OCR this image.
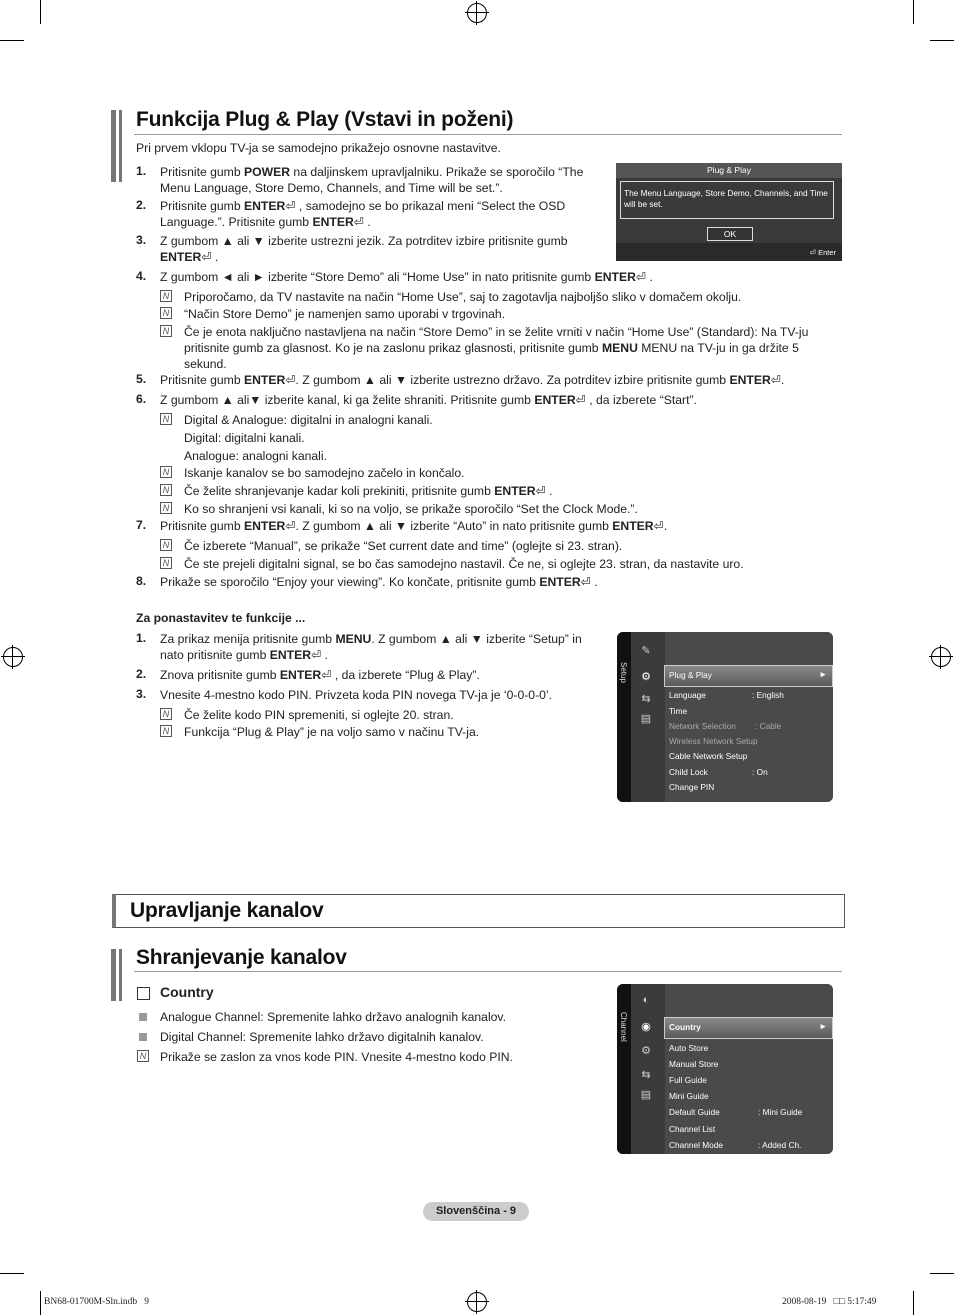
Funkcija Plug & Play (Vstavi in poženi)
Pri prvem vklopu TV-ja se samodejno prikažejo osnovne nastavitve.
1. Pritisnite gumb POWER na daljinskem upravljalniku. Prikaže se sporočilo “The
Menu Language, Store Demo, Channels, and Time will be set.”.
2. Pritisnite gumb ENTER⏎ , samodejno se bo prikazal meni “Select the OSD
Language.”. Pritisnite gumb ENTER⏎ .
3. Z gumbom ▲ ali ▼ izberite ustrezni jezik. Za potrditev izbire pritisnite gumb
ENTER⏎ .
Plug & Play
The Menu Language, Store Demo, Channels, and Time will be set.
OK
⏎ Enter
4. Z gumbom ◄ ali ► izberite “Store Demo” ali “Home Use” in nato pritisnite gumb ENTER⏎ .
N Priporočamo, da TV nastavite na način “Home Use”, saj to zagotavlja najboljšo sliko v domačem okolju.
N “Način Store Demo” je namenjen samo uporabi v trgovinah.
N Če je enota naključno nastavljena na način “Store Demo” in se želite vrniti v način “Home Use” (Standard): Na TV-ju
pritisnite gumb za glasnost. Ko je na zaslonu prikaz glasnosti, pritisnite gumb MENU MENU na TV-ju in ga držite 5
sekund.
5. Pritisnite gumb ENTER⏎. Z gumbom ▲ ali ▼ izberite ustrezno državo. Za potrditev izbire pritisnite gumb ENTER⏎.
6. Z gumbom ▲ ali▼ izberite kanal, ki ga želite shraniti. Pritisnite gumb ENTER⏎ , da izberete “Start”.
N Digital & Analogue: digitalni in analogni kanali.
Digital: digitalni kanali.
Analogue: analogni kanali.
N Iskanje kanalov se bo samodejno začelo in končalo.
N Če želite shranjevanje kadar koli prekiniti, pritisnite gumb ENTER⏎ .
N Ko so shranjeni vsi kanali, ki so na voljo, se prikaže sporočilo “Set the Clock Mode.”.
7. Pritisnite gumb ENTER⏎. Z gumbom ▲ ali ▼ izberite “Auto” in nato pritisnite gumb ENTER⏎.
N Če izberete “Manual”, se prikaže “Set current date and time” (oglejte si 23. stran).
N Če ste prejeli digitalni signal, se bo čas samodejno nastavil. Če ne, si oglejte 23. stran, da nastavite uro.
8. Prikaže se sporočilo “Enjoy your viewing”. Ko končate, pritisnite gumb ENTER⏎ .
Za ponastavitev te funkcije ...
1. Za prikaz menija pritisnite gumb MENU. Z gumbom ▲ ali ▼ izberite “Setup” in
nato pritisnite gumb ENTER⏎ .
2. Znova pritisnite gumb ENTER⏎ , da izberete “Plug & Play”.
3. Vnesite 4-mestno kodo PIN. Privzeta koda PIN novega TV-ja je ‘0-0-0-0’.
N Če želite kodo PIN spremeniti, si oglejte 20. stran.
N Funkcija “Plug & Play” je na voljo samo v načinu TV-ja.
Setup
✎
⚙
⇆
▤
Plug & Play	►
Language	: English
Time
Network Selection : Cable
Wireless Network Setup
Cable Network Setup
Child Lock	: On
Change PIN
Upravljanje kanalov
Shranjevanje kanalov
Country
Analogue Channel: Spremenite lahko državo analognih kanalov.
Digital Channel: Spremenite lahko državo digitalnih kanalov.
N Prikaže se zaslon za vnos kode PIN. Vnesite 4-mestno kodo PIN.
Channel
◐
◉
⚙
⇆
▤
Country	►
Auto Store
Manual Store
Full Guide
Mini Guide
Default Guide	: Mini Guide
Channel List
Channel Mode	: Added Ch.
Slovenščina - 9
BN68-01700M-Sln.indb   9	2008-08-19   □□ 5:17:49
